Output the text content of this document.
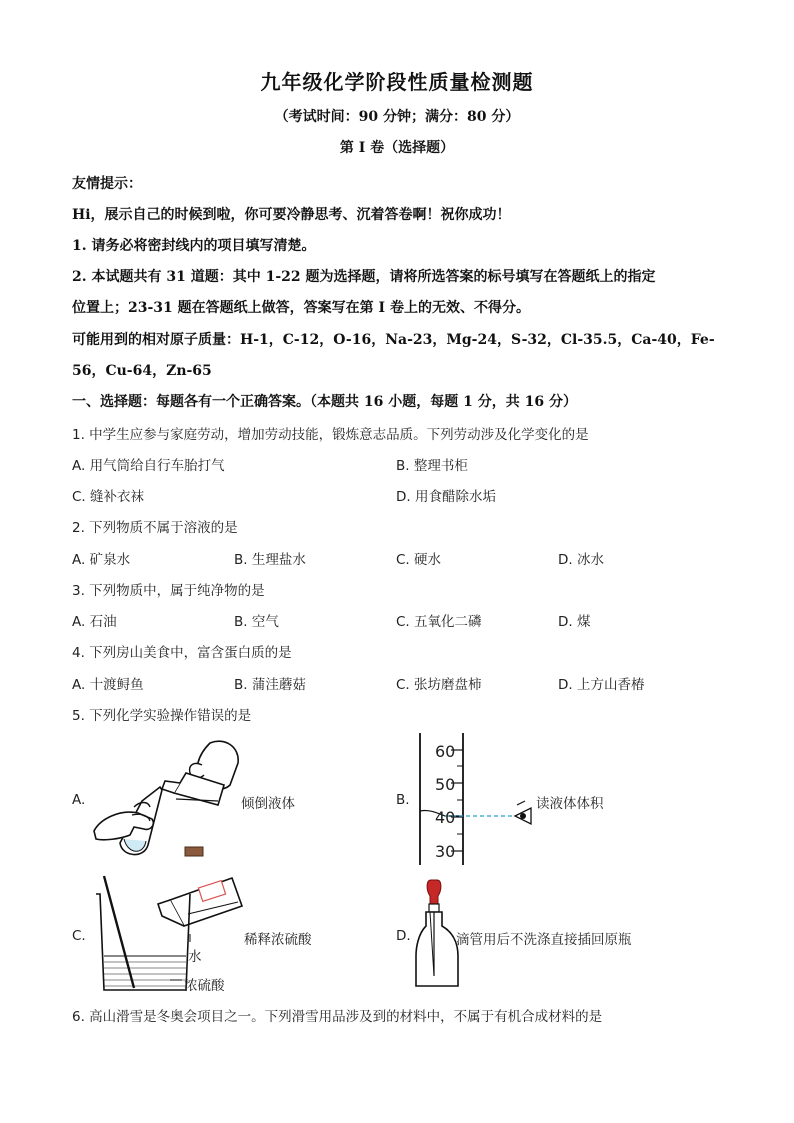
九年级化学阶段性质量检测题
（考试时间：90 分钟；满分：80 分）
第 I 卷（选择题）
友情提示：
Hi，展示自己的时候到啦，你可要冷静思考、沉着答卷啊！祝你成功！
1. 请务必将密封线内的项目填写清楚。
2. 本试题共有 31 道题：其中 1-22 题为选择题，请将所选答案的标号填写在答题纸上的指定
位置上；23-31 题在答题纸上做答，答案写在第 I 卷上的无效、不得分。
可能用到的相对原子质量：H-1，C-12，O-16，Na-23，Mg-24，S-32，Cl-35.5，Ca-40，Fe-
56，Cu-64，Zn-65
一、选择题：每题各有一个正确答案。（本题共 16 小题，每题 1 分，共 16 分）
1. 中学生应参与家庭劳动，增加劳动技能，锻炼意志品质。下列劳动涉及化学变化的是
A. 用气筒给自行车胎打气	B. 整理书柜
C. 缝补衣袜	D. 用食醋除水垢
2. 下列物质不属于溶液的是
A. 矿泉水	B. 生理盐水	C. 硬水	D. 冰水
3. 下列物质中，属于纯净物的是
A. 石油	B. 空气	C. 五氧化二磷	D. 煤
4. 下列房山美食中，富含蛋白质的是
A. 十渡鲟鱼	B. 蒲洼蘑菇	C. 张坊磨盘柿	D. 上方山香椿
5. 下列化学实验操作错误的是
A.	倾倒液体	B.
60
50
40
30
读液体体积
C.
水
浓硫酸
稀释浓硫酸	D.	滴管用后不洗涤直接插回原瓶
6. 高山滑雪是冬奥会项目之一。下列滑雪用品涉及到的材料中，不属于有机合成材料的是
